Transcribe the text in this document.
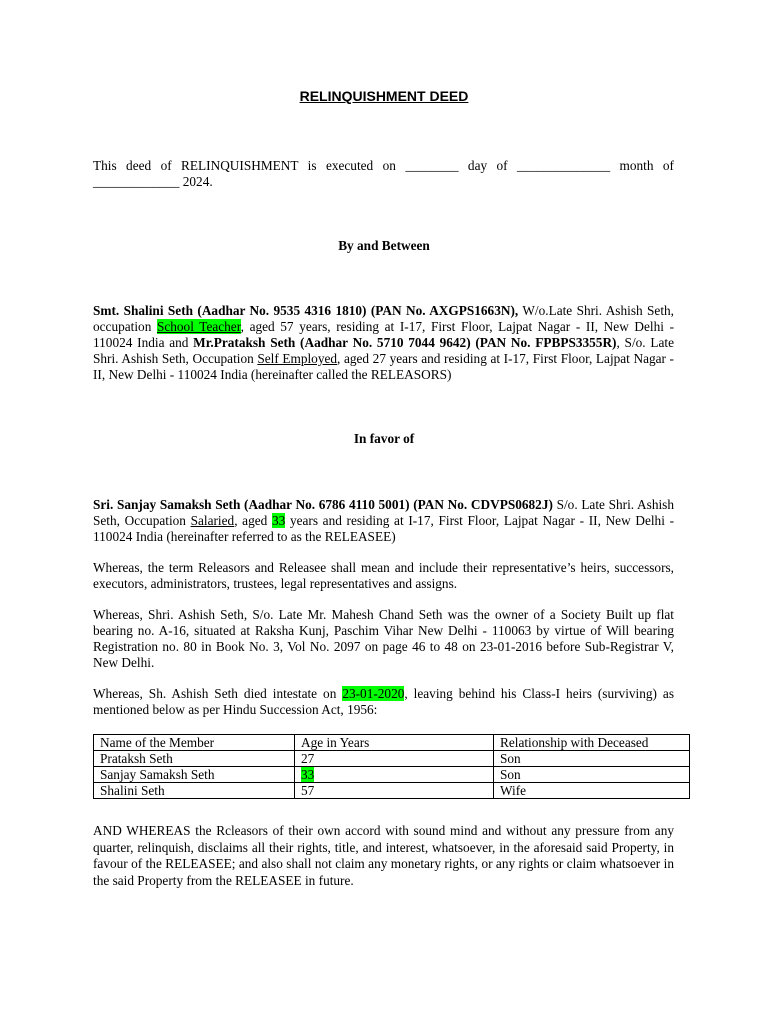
RELINQUISHMENT DEED

This deed of RELINQUISHMENT is executed on ________ day of ______________ month of _____________ 2024.

By and Between

Smt. Shalini Seth (Aadhar No. 9535 4316 1810) (PAN No. AXGPS1663N), W/o.Late Shri. Ashish Seth, occupation School Teacher, aged 57 years, residing at I-17, First Floor, Lajpat Nagar - II, New Delhi - 110024 India and Mr.Prataksh Seth (Aadhar No. 5710 7044 9642) (PAN No. FPBPS3355R), S/o. Late Shri. Ashish Seth, Occupation Self Employed, aged 27 years and residing at I-17, First Floor, Lajpat Nagar - II, New Delhi - 110024 India (hereinafter called the RELEASORS)

In favor of

Sri. Sanjay Samaksh Seth (Aadhar No. 6786 4110 5001) (PAN No. CDVPS0682J) S/o. Late Shri. Ashish Seth, Occupation Salaried, aged 33 years and residing at I-17, First Floor, Lajpat Nagar - II, New Delhi - 110024 India (hereinafter referred to as the RELEASEE)

Whereas, the term Releasors and Releasee shall mean and include their representative’s heirs, successors, executors, administrators, trustees, legal representatives and assigns.

Whereas, Shri. Ashish Seth, S/o. Late Mr. Mahesh Chand Seth was the owner of a Society Built up flat bearing no. A-16, situated at Raksha Kunj, Paschim Vihar New Delhi - 110063 by virtue of Will bearing Registration no. 80 in Book No. 3, Vol No. 2097 on page 46 to 48 on 23-01-2016 before Sub-Registrar V, New Delhi.

Whereas, Sh. Ashish Seth died intestate on 23-01-2020, leaving behind his Class-I heirs (surviving) as mentioned below as per Hindu Succession Act, 1956:

Name of the Member	Age in Years	Relationship with Deceased
Prataksh Seth	27	Son
Sanjay Samaksh Seth	33	Son
Shalini Seth	57	Wife

AND WHEREAS the Rcleasors of their own accord with sound mind and without any pressure from any quarter, relinquish, disclaims all their rights, title, and interest, whatsoever, in the aforesaid said Property, in favour of the RELEASEE; and also shall not claim any monetary rights, or any rights or claim whatsoever in the said Property from the RELEASEE in future.
